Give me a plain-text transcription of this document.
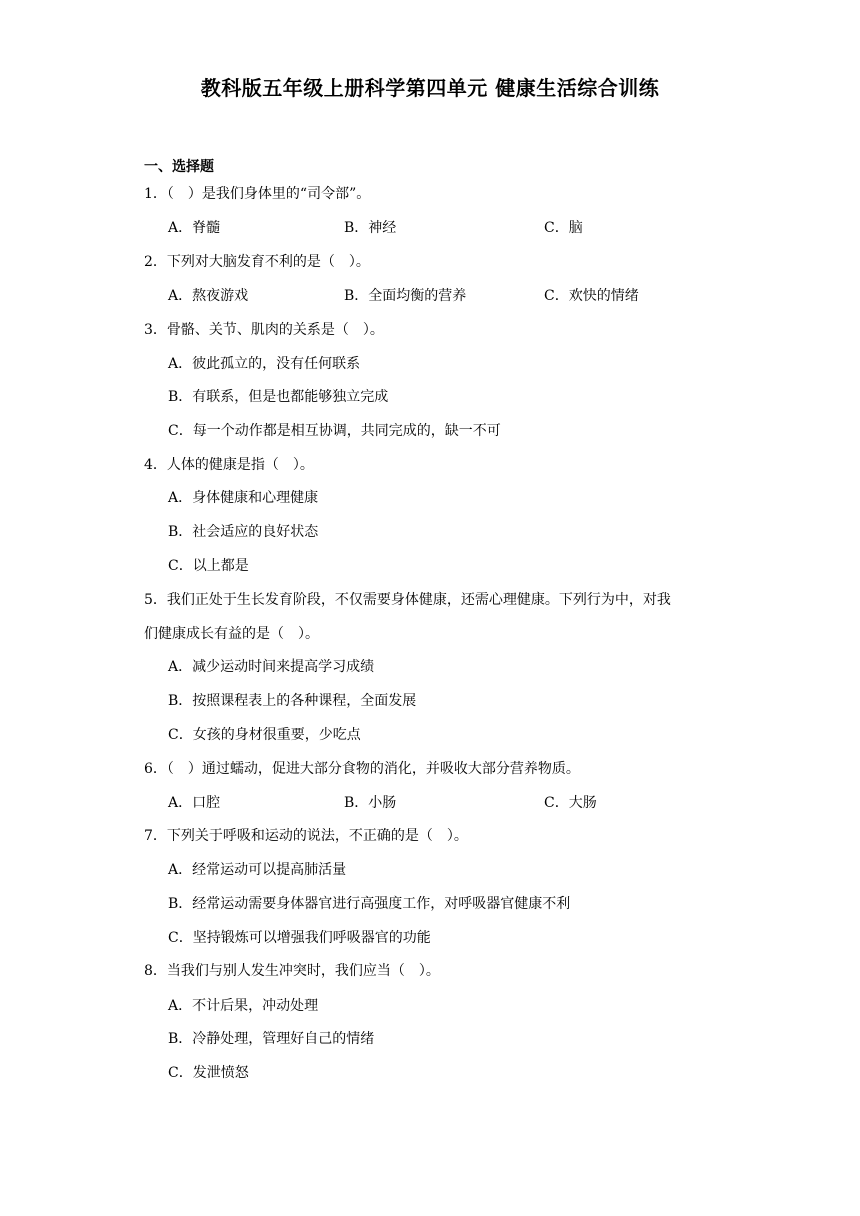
教科版五年级上册科学第四单元 健康生活综合训练
一、选择题
1．（　）是我们身体里的“司令部”。
A．脊髓	B．神经	C．脑
2．下列对大脑发育不利的是（　）。
A．熬夜游戏	B．全面均衡的营养	C．欢快的情绪
3．骨骼、关节、肌肉的关系是（　）。
A．彼此孤立的，没有任何联系
B．有联系，但是也都能够独立完成
C．每一个动作都是相互协调，共同完成的，缺一不可
4．人体的健康是指（　）。
A．身体健康和心理健康
B．社会适应的良好状态
C．以上都是
5．我们正处于生长发育阶段，不仅需要身体健康，还需心理健康。下列行为中，对我
们健康成长有益的是（　）。
A．减少运动时间来提高学习成绩
B．按照课程表上的各种课程，全面发展
C．女孩的身材很重要，少吃点
6．（　）通过蠕动，促进大部分食物的消化，并吸收大部分营养物质。
A．口腔	B．小肠	C．大肠
7．下列关于呼吸和运动的说法，不正确的是（　）。
A．经常运动可以提高肺活量
B．经常运动需要身体器官进行高强度工作，对呼吸器官健康不利
C．坚持锻炼可以增强我们呼吸器官的功能
8．当我们与别人发生冲突时，我们应当（　）。
A．不计后果，冲动处理
B．冷静处理，管理好自己的情绪
C．发泄愤怒
